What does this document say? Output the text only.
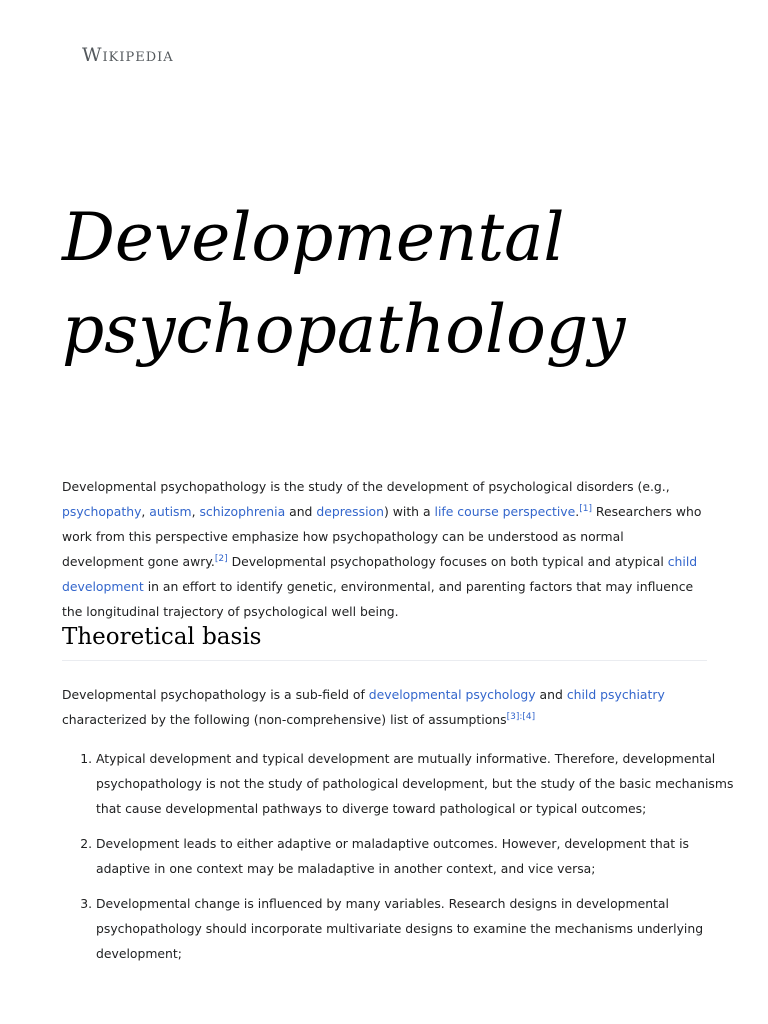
Wikipedia
Developmental psychopathology

Developmental psychopathology is the study of the development of psychological disorders (e.g., psychopathy, autism, schizophrenia and depression) with a life course perspective.[1] Researchers who work from this perspective emphasize how psychopathology can be understood as normal development gone awry.[2] Developmental psychopathology focuses on both typical and atypical child development in an effort to identify genetic, environmental, and parenting factors that may influence the longitudinal trajectory of psychological well being.

Theoretical basis

Developmental psychopathology is a sub-field of developmental psychology and child psychiatry characterized by the following (non-comprehensive) list of assumptions[3]:[4]

1. Atypical development and typical development are mutually informative. Therefore, developmental psychopathology is not the study of pathological development, but the study of the basic mechanisms that cause developmental pathways to diverge toward pathological or typical outcomes;
2. Development leads to either adaptive or maladaptive outcomes. However, development that is adaptive in one context may be maladaptive in another context, and vice versa;
3. Developmental change is influenced by many variables. Research designs in developmental psychopathology should incorporate multivariate designs to examine the mechanisms underlying development;
